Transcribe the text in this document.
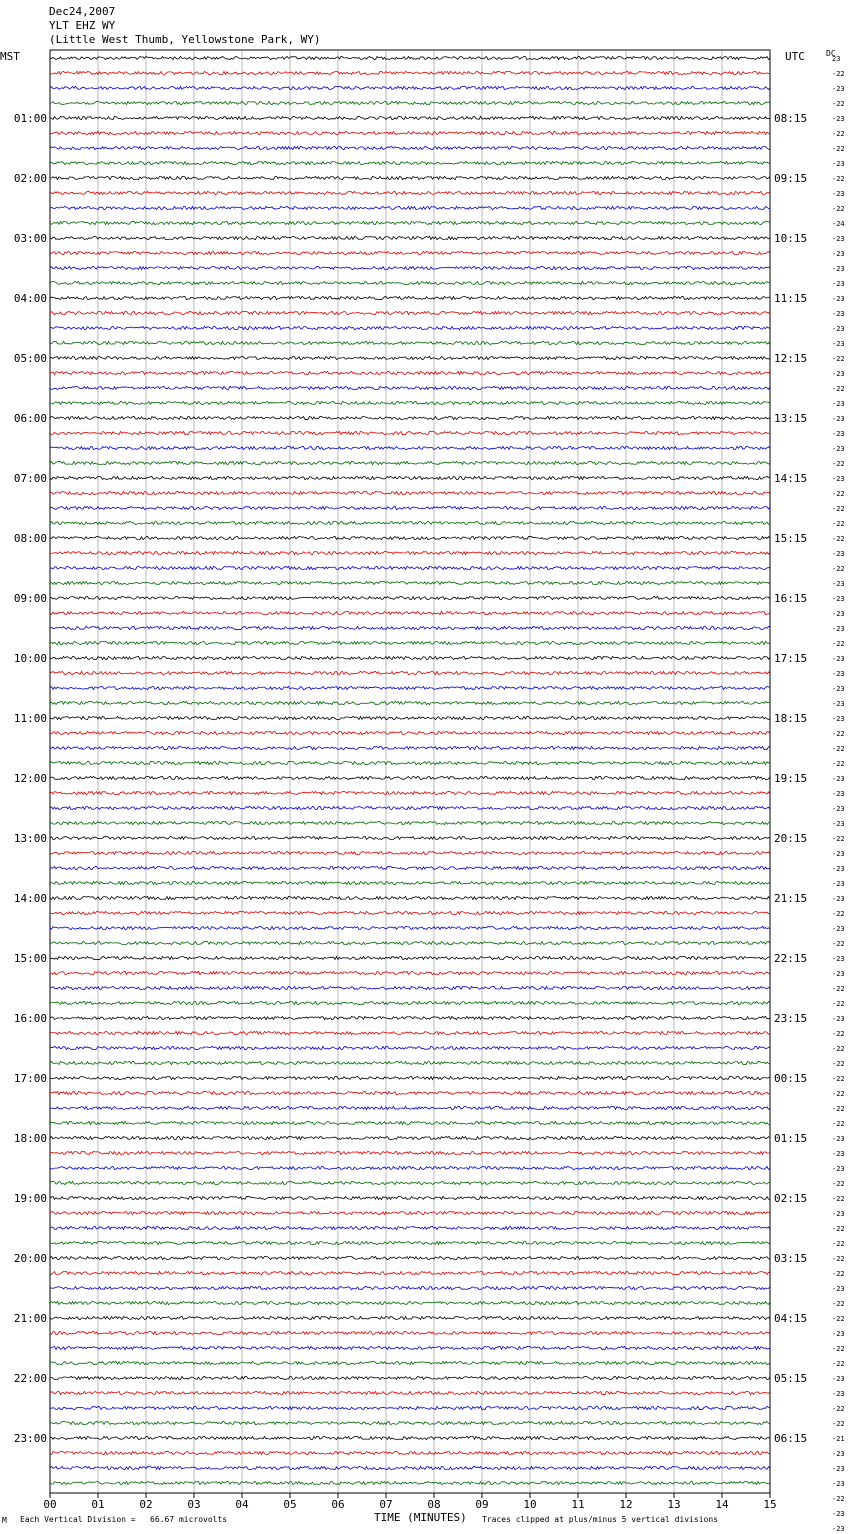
Dec24,2007
YLT EHZ WY
(Little West Thumb, Yellowstone Park, WY)
MST	UTC	DC
00	01	02	03	04	05	06	07	08	09	10	11	12	13	14	15
01:00	08:15
02:00	09:15
03:00	10:15
04:00	11:15
05:00	12:15
06:00	13:15
07:00	14:15
08:00	15:15
09:00	16:15
10:00	17:15
11:00	18:15
12:00	19:15
13:00	20:15
14:00	21:15
15:00	22:15
16:00	23:15
17:00	00:15
18:00	01:15
19:00	02:15
20:00	03:15
21:00	04:15
22:00	05:15
23:00	06:15
23
-22
-23
-22
-23
-22
-22
-23
-22
-23
-22
-24
-23
-23
-23
-23
-23
-23
-23
-23
-22
-23
-22
-23
-23
-23
-23
-22
-23
-22
-22
-22
-22
-23
-22
-23
-23
-23
-23
-22
-23
-23
-23
-23
-23
-22
-22
-22
-23
-23
-23
-23
-22
-23
-23
-23
-23
-22
-23
-22
-23
-23
-22
-22
-23
-22
-22
-22
-22
-22
-22
-22
-23
-23
-23
-22
-22
-23
-22
-22
-22
-22
-23
-22
-22
-23
-22
-22
-23
-23
-22
-22
-21
-23
-23
-23
-22
-23
-23
M Each Vertical Division =   66.67 microvolts	TIME (MINUTES) Traces clipped at plus/minus 5 vertical divisions
